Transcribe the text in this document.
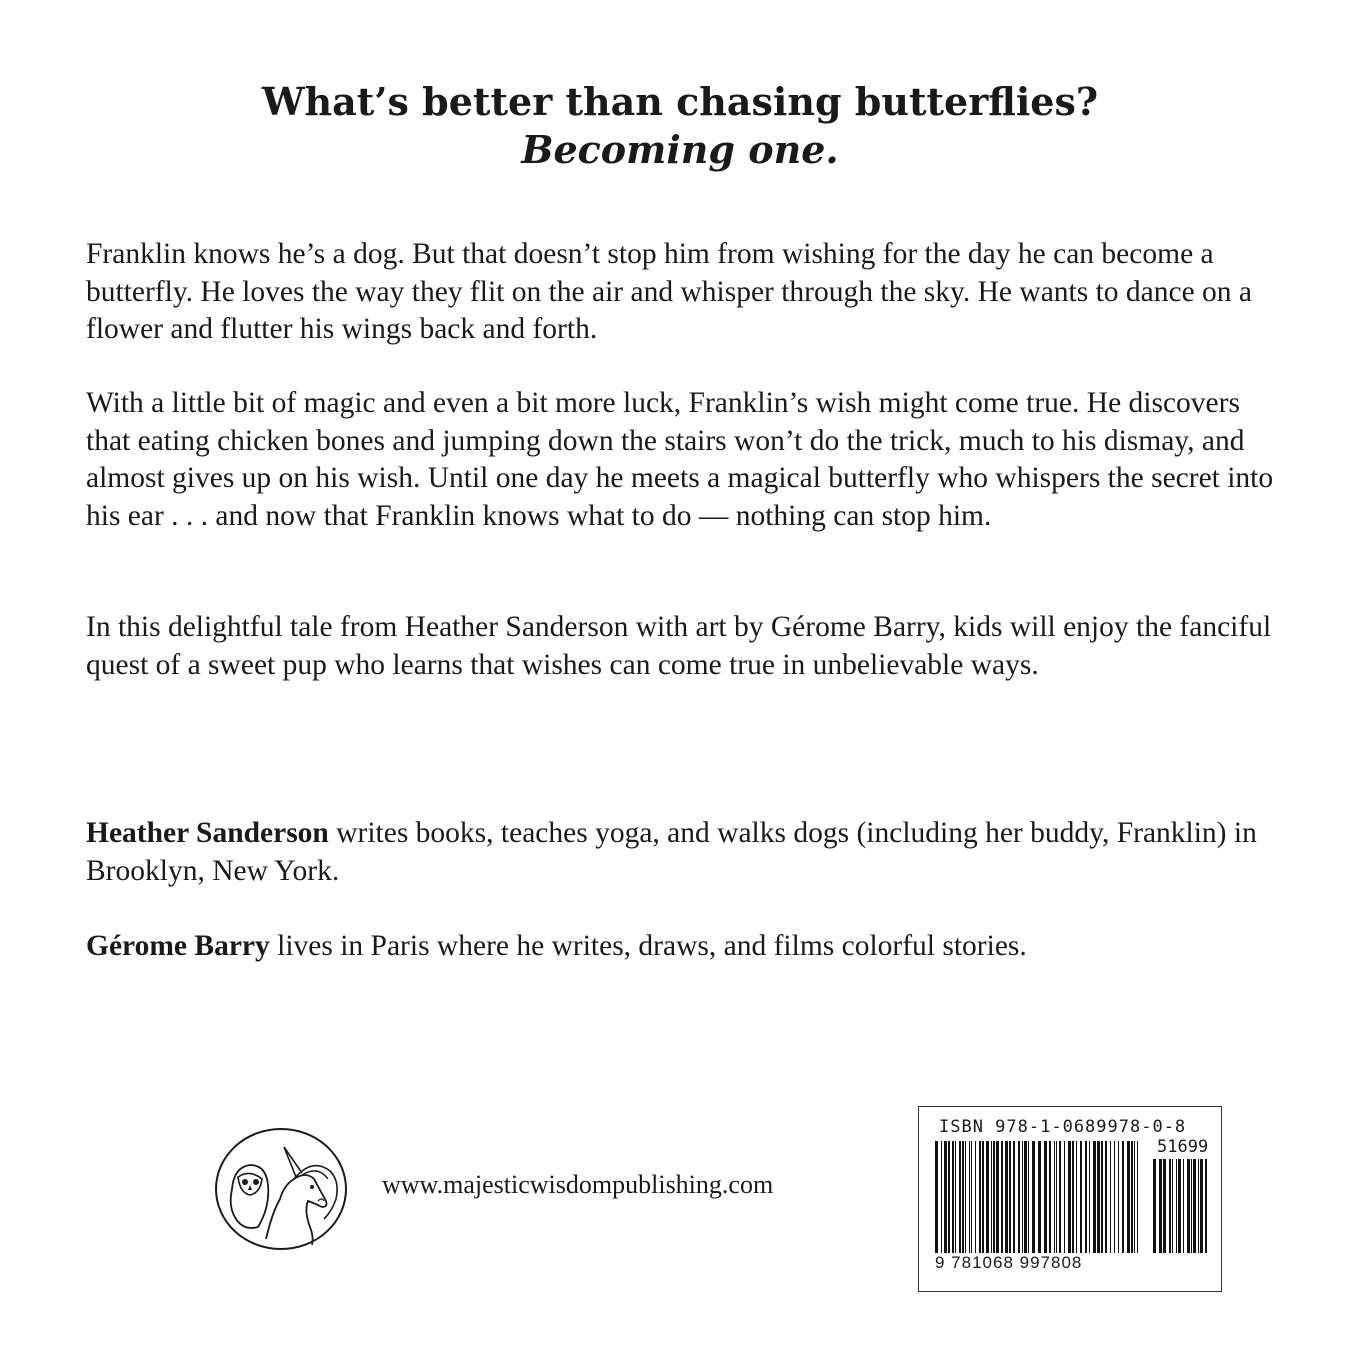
What’s better than chasing butterflies?
Becoming one.

Franklin knows he’s a dog. But that doesn’t stop him from wishing for the day he can become a butterfly. He loves the way they flit on the air and whisper through the sky. He wants to dance on a flower and flutter his wings back and forth.

With a little bit of magic and even a bit more luck, Franklin’s wish might come true. He discovers that eating chicken bones and jumping down the stairs won’t do the trick, much to his dismay, and almost gives up on his wish. Until one day he meets a magical butterfly who whispers the secret into his ear . . . and now that Franklin knows what to do — nothing can stop him.

In this delightful tale from Heather Sanderson with art by Gérome Barry, kids will enjoy the fanciful quest of a sweet pup who learns that wishes can come true in unbelievable ways.

Heather Sanderson writes books, teaches yoga, and walks dogs (including her buddy, Franklin) in Brooklyn, New York.

Gérome Barry lives in Paris where he writes, draws, and films colorful stories.

www.majesticwisdompublishing.com
ISBN 978-1-0689978-0-8
51699
9 781068 997808
